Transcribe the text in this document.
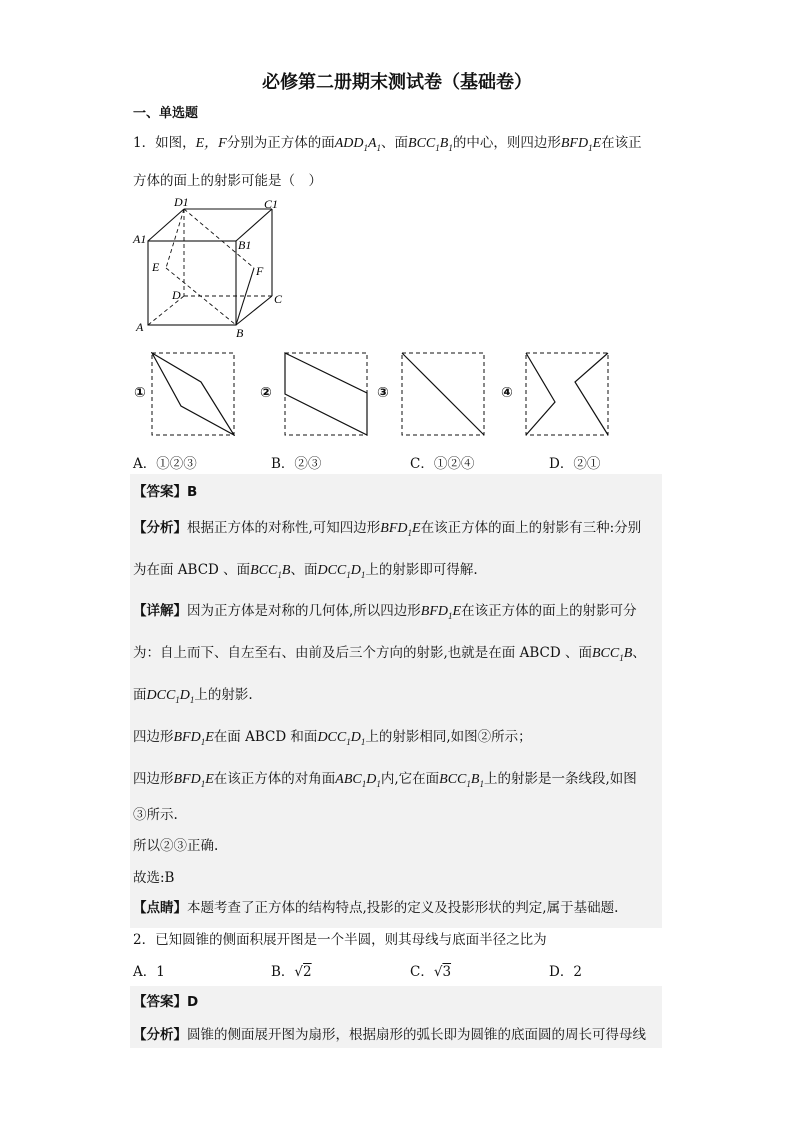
必修第二册期末测试卷（基础卷）
一、单选题
1．如图，E，F分别为正方体的面$ADD_1A_1$、面$BCC_1B_1$的中心，则四边形$BFD_1E$在该正
方体的面上的射影可能是（　）
D1	C1
A1	B1
E	F
D	C
A	B
①	②	③	④
A．①②③	B．②③	C．①②④	D．②①
【答案】B
【分析】根据正方体的对称性,可知四边形$BFD_1E$在该正方体的面上的射影有三种:分别
为在面 ABCD 、面$BCC_1B$、面$DCC_1D_1$上的射影即可得解.
【详解】因为正方体是对称的几何体,所以四边形$BFD_1E$在该正方体的面上的射影可分
为：自上而下、自左至右、由前及后三个方向的射影,也就是在面 ABCD 、面$BCC_1B$、
面$DCC_1D_1$上的射影.
四边形$BFD_1E$在面 ABCD 和面$DCC_1D_1$上的射影相同,如图②所示；
四边形$BFD_1E$在该正方体的对角面$ABC_1D_1$内,它在面$BCC_1B_1$上的射影是一条线段,如图
③所示.
所以②③正确.
故选:B
【点睛】本题考查了正方体的结构特点,投影的定义及投影形状的判定,属于基础题.
2．已知圆锥的侧面积展开图是一个半圆，则其母线与底面半径之比为
A．1	B．√2	C．√3	D．2
【答案】D
【分析】圆锥的侧面展开图为扇形，根据扇形的弧长即为圆锥的底面圆的周长可得母线
